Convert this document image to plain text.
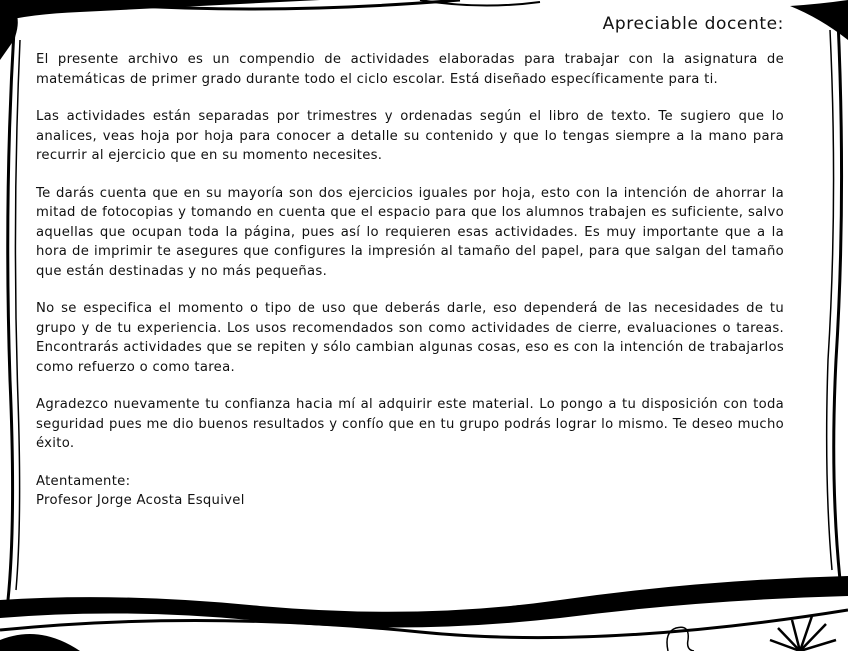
Apreciable docente:

El presente archivo es un compendio de actividades elaboradas para trabajar con la asignatura de matemáticas de primer grado durante todo el ciclo escolar. Está diseñado específicamente para ti.

Las actividades están separadas por trimestres y ordenadas según el libro de texto. Te sugiero que lo analices, veas hoja por hoja para conocer a detalle su contenido y que lo tengas siempre a la mano para recurrir al ejercicio que en su momento necesites.

Te darás cuenta que en su mayoría son dos ejercicios iguales por hoja, esto con la intención de ahorrar la mitad de fotocopias y tomando en cuenta que el espacio para que los alumnos trabajen es suficiente, salvo aquellas que ocupan toda la página, pues así lo requieren esas actividades. Es muy importante que a la hora de imprimir te asegures que configures la impresión al tamaño del papel, para que salgan del tamaño que están destinadas y no más pequeñas.

No se especifica el momento o tipo de uso que deberás darle, eso dependerá de las necesidades de tu grupo y de tu experiencia. Los usos recomendados son como actividades de cierre, evaluaciones o tareas. Encontrarás actividades que se repiten y sólo cambian algunas cosas, eso es con la intención de trabajarlos como refuerzo o como tarea.

Agradezco nuevamente tu confianza hacia mí al adquirir este material. Lo pongo a tu disposición con toda seguridad pues me dio buenos resultados y confío que en tu grupo podrás lograr lo mismo. Te deseo mucho éxito.

Atentamente:
Profesor Jorge Acosta Esquivel
